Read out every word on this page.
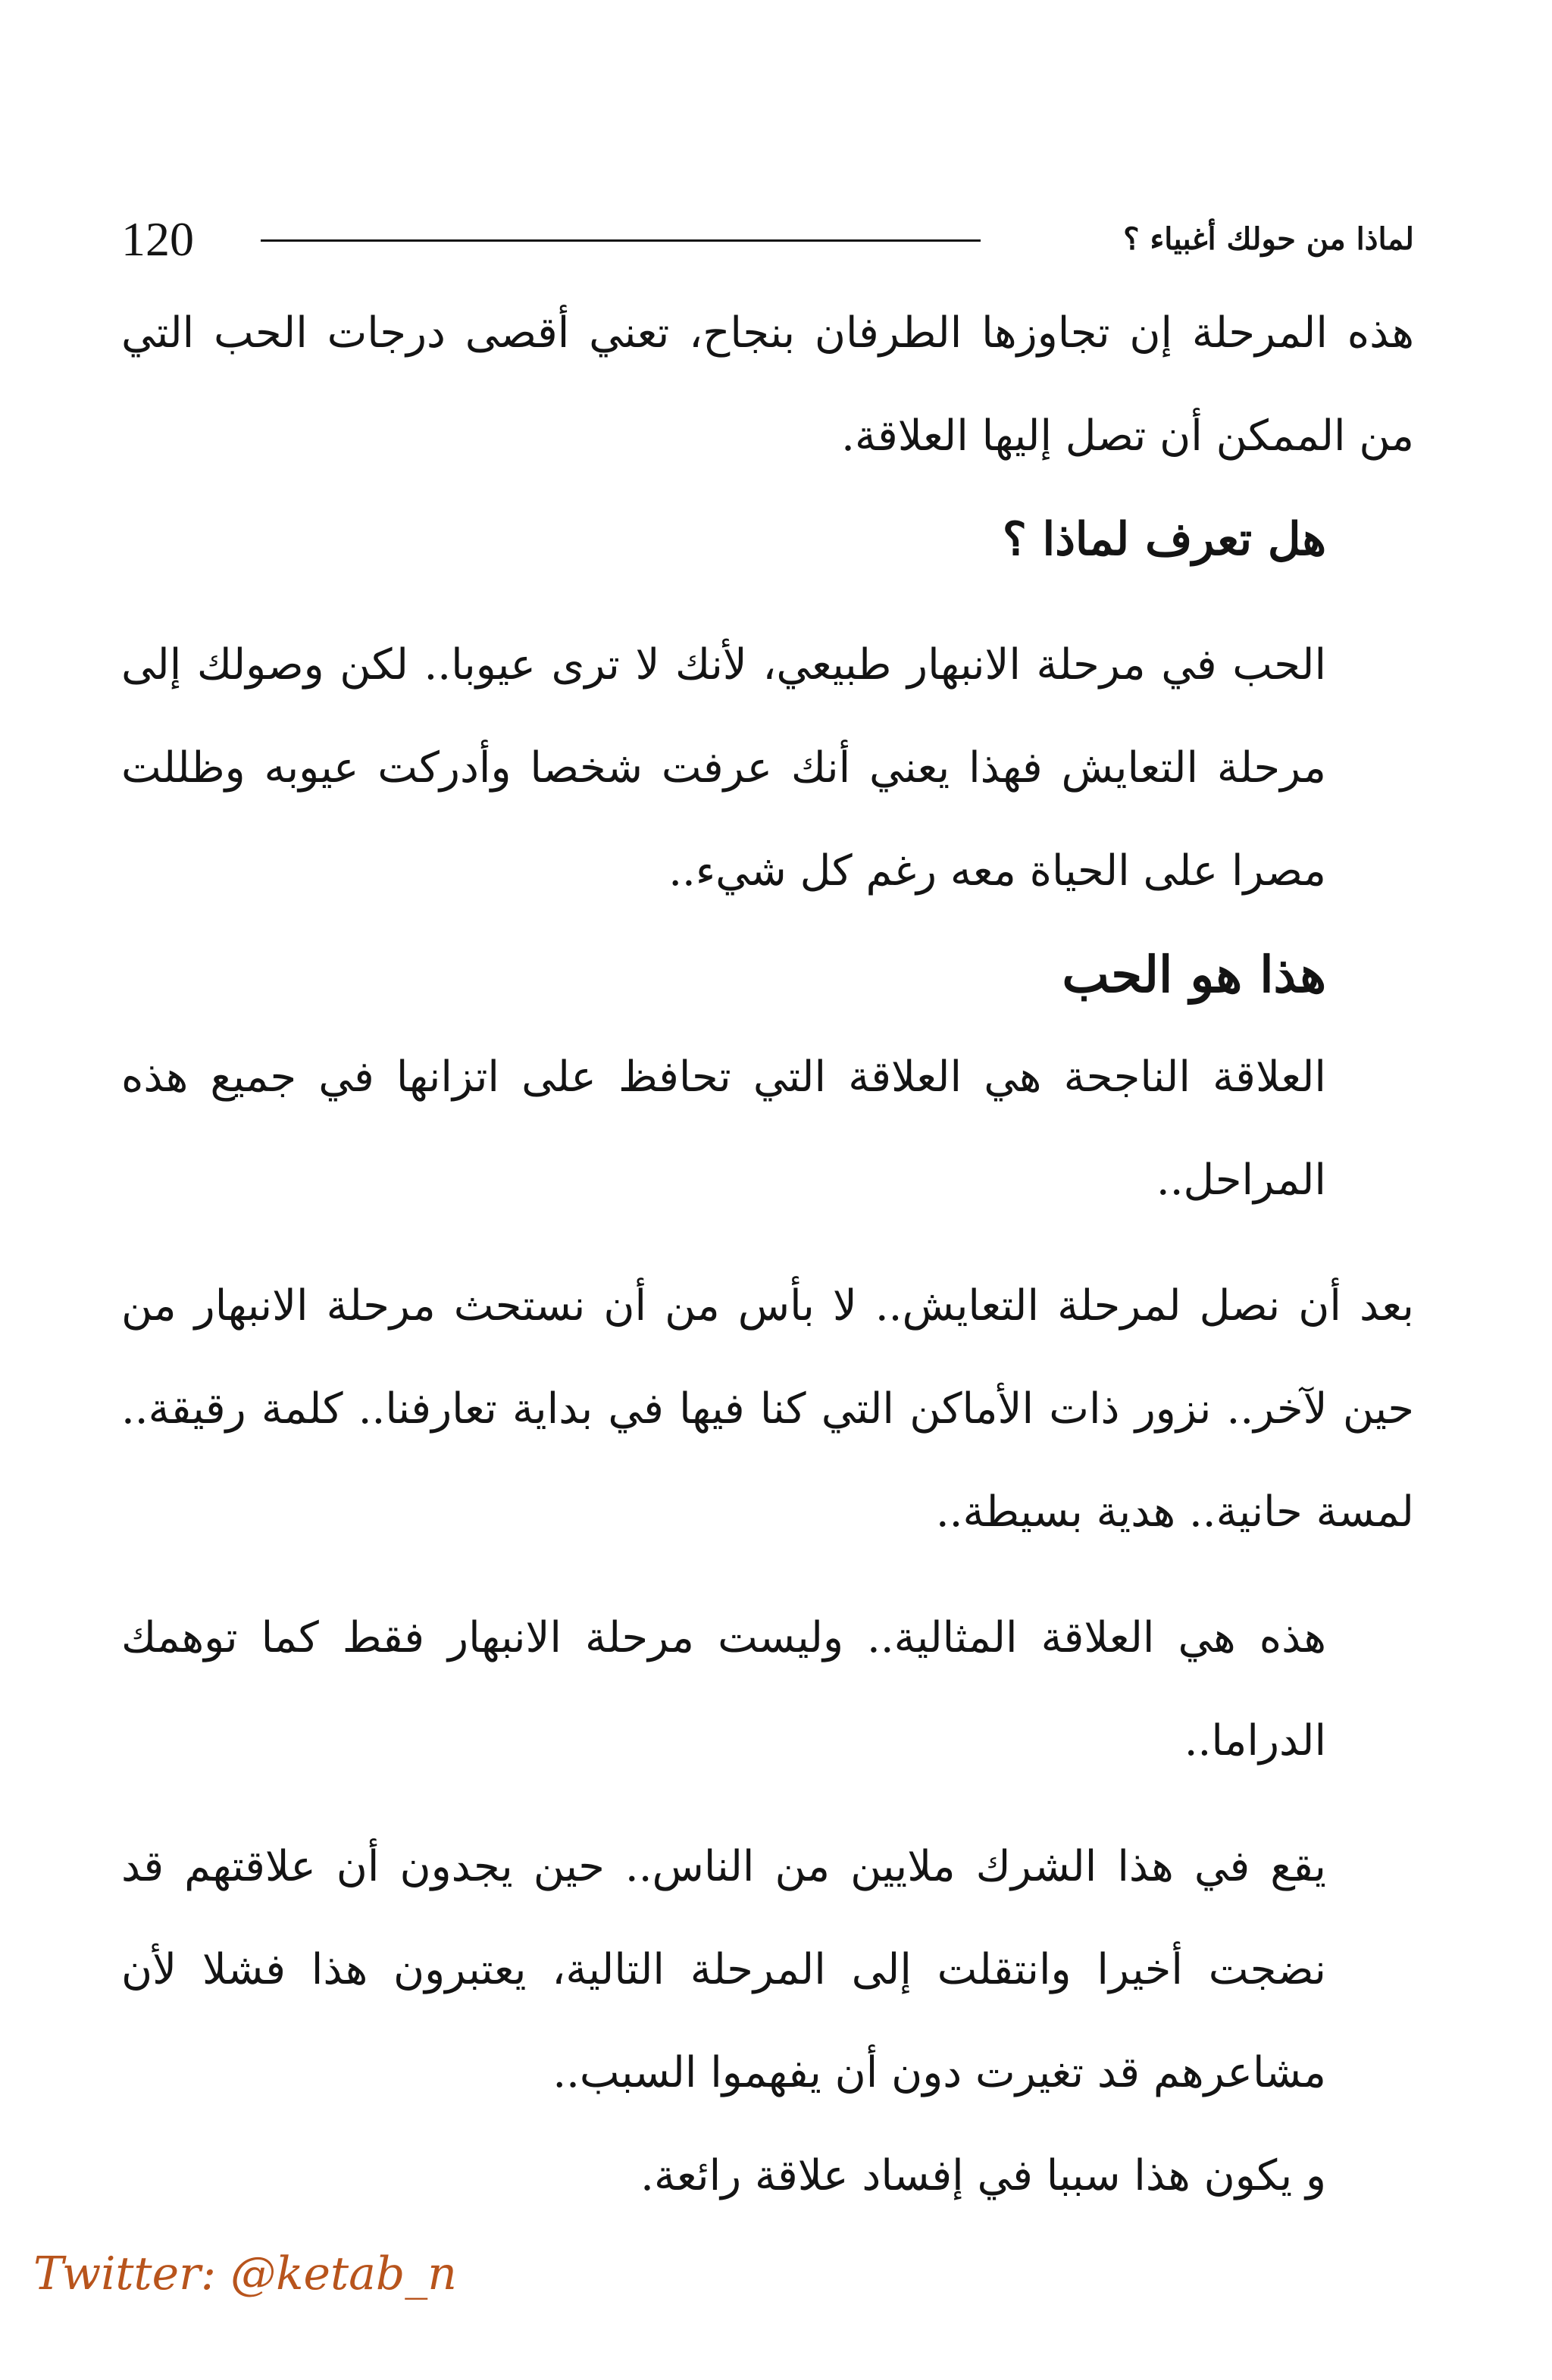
120	لماذا من حولك أغبياء ؟

هذه المرحلة إن تجاوزها الطرفان بنجاح، تعني أقصى درجات الحب التي من الممكن أن تصل إليها العلاقة.

هل تعرف لماذا ؟

الحب في مرحلة الانبهار طبيعي، لأنك لا ترى عيوبا.. لكن وصولك إلى مرحلة التعايش فهذا يعني أنك عرفت شخصا وأدركت عيوبه وظللت مصرا على الحياة معه رغم كل شيء..

هذا هو الحب

العلاقة الناجحة هي العلاقة التي تحافظ على اتزانها في جميع هذه المراحل..

بعد أن نصل لمرحلة التعايش.. لا بأس من أن نستحث مرحلة الانبهار من حين لآخر.. نزور ذات الأماكن التي كنا فيها في بداية تعارفنا.. كلمة رقيقة.. لمسة حانية.. هدية بسيطة..

هذه هي العلاقة المثالية.. وليست مرحلة الانبهار فقط كما توهمك الدراما..

يقع في هذا الشرك ملايين من الناس.. حين يجدون أن علاقتهم قد نضجت أخيرا وانتقلت إلى المرحلة التالية، يعتبرون هذا فشلا لأن مشاعرهم قد تغيرت دون أن يفهموا السبب..

و يكون هذا سببا في إفساد علاقة رائعة.

Twitter: @ketab_n
